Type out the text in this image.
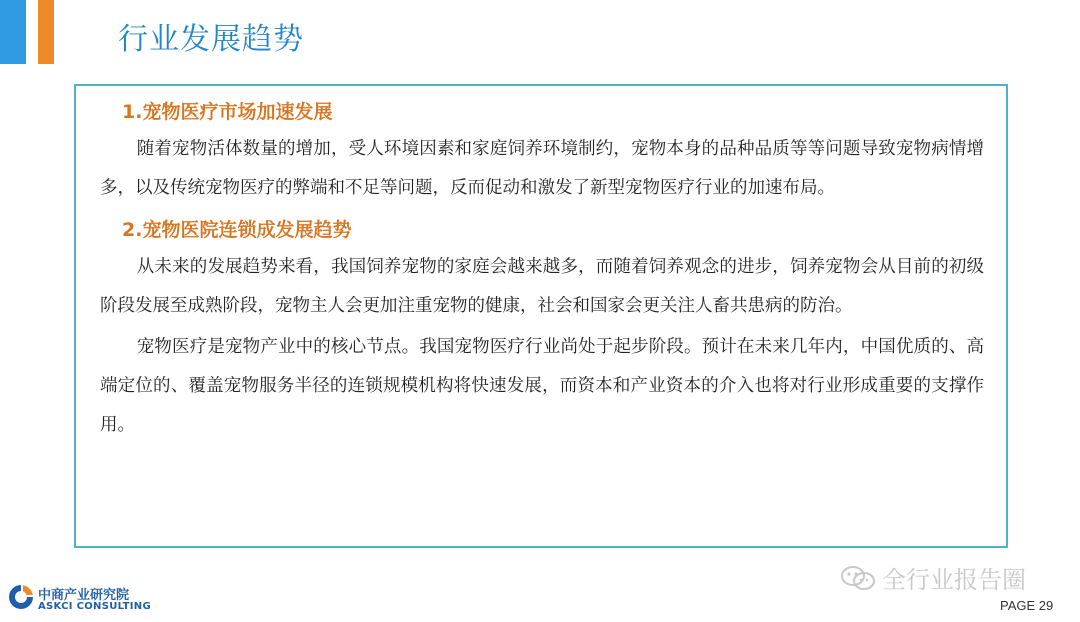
行业发展趋势
1.宠物医疗市场加速发展

随着宠物活体数量的增加，受人环境因素和家庭饲养环境制约，宠物本身的品种品质等等问题导致宠物病情增多，以及传统宠物医疗的弊端和不足等问题，反而促动和激发了新型宠物医疗行业的加速布局。

2.宠物医院连锁成发展趋势

从未来的发展趋势来看，我国饲养宠物的家庭会越来越多，而随着饲养观念的进步，饲养宠物会从目前的初级阶段发展至成熟阶段，宠物主人会更加注重宠物的健康，社会和国家会更关注人畜共患病的防治。

宠物医疗是宠物产业中的核心节点。我国宠物医疗行业尚处于起步阶段。预计在未来几年内，中国优质的、高端定位的、覆盖宠物服务半径的连锁规模机构将快速发展，而资本和产业资本的介入也将对行业形成重要的支撑作用。

中商产业研究院
ASKCI CONSULTING
全行业报告圈
PAGE 29
